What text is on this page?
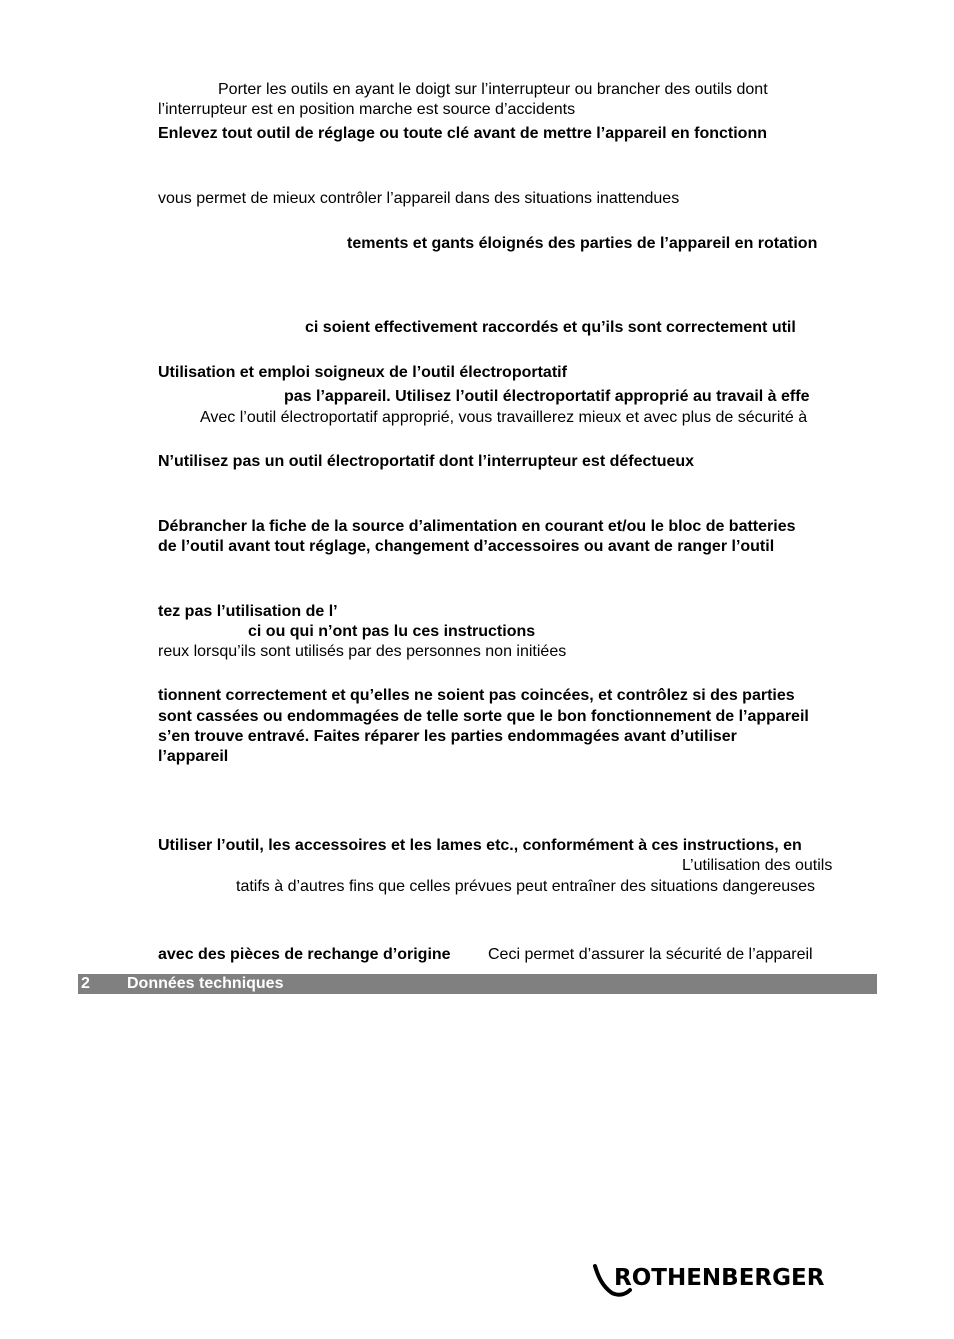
Porter les outils en ayant le doigt sur l’interrupteur ou brancher des outils dont
l’interrupteur est en position marche est source d’accidents
Enlevez tout outil de réglage ou toute clé avant de mettre l’appareil en fonctionn
vous permet de mieux contrôler l’appareil dans des situations inattendues
tements et gants éloignés des parties de l’appareil en rotation
ci soient effectivement raccordés et qu’ils sont correctement util
Utilisation et emploi soigneux de l’outil électroportatif
pas l’appareil. Utilisez l’outil électroportatif approprié au travail à effe
Avec l’outil électroportatif approprié, vous travaillerez mieux et avec plus de sécurité à
N’utilisez pas un outil électroportatif dont l’interrupteur est défectueux
Débrancher la fiche de la source d’alimentation en courant et/ou le bloc de batteries
de l’outil avant tout réglage, changement d’accessoires ou avant de ranger l’outil
tez pas l’utilisation de l’
ci ou qui n’ont pas lu ces instructions
reux lorsqu’ils sont utilisés par des personnes non initiées
tionnent correctement et qu’elles ne soient pas coincées, et contrôlez si des parties
sont cassées ou endommagées de telle sorte que le bon fonctionnement de l’appareil
s’en trouve entravé. Faites réparer les parties endommagées avant d’utiliser
l’appareil
Utiliser l’outil, les accessoires et les lames etc., conformément à ces instructions, en
L’utilisation des outils
tatifs à d’autres fins que celles prévues peut entraîner des situations dangereuses
avec des pièces de rechange d’origine Ceci permet d’assurer la sécurité de l’appareil
2 Données techniques
ROTHENBERGER
